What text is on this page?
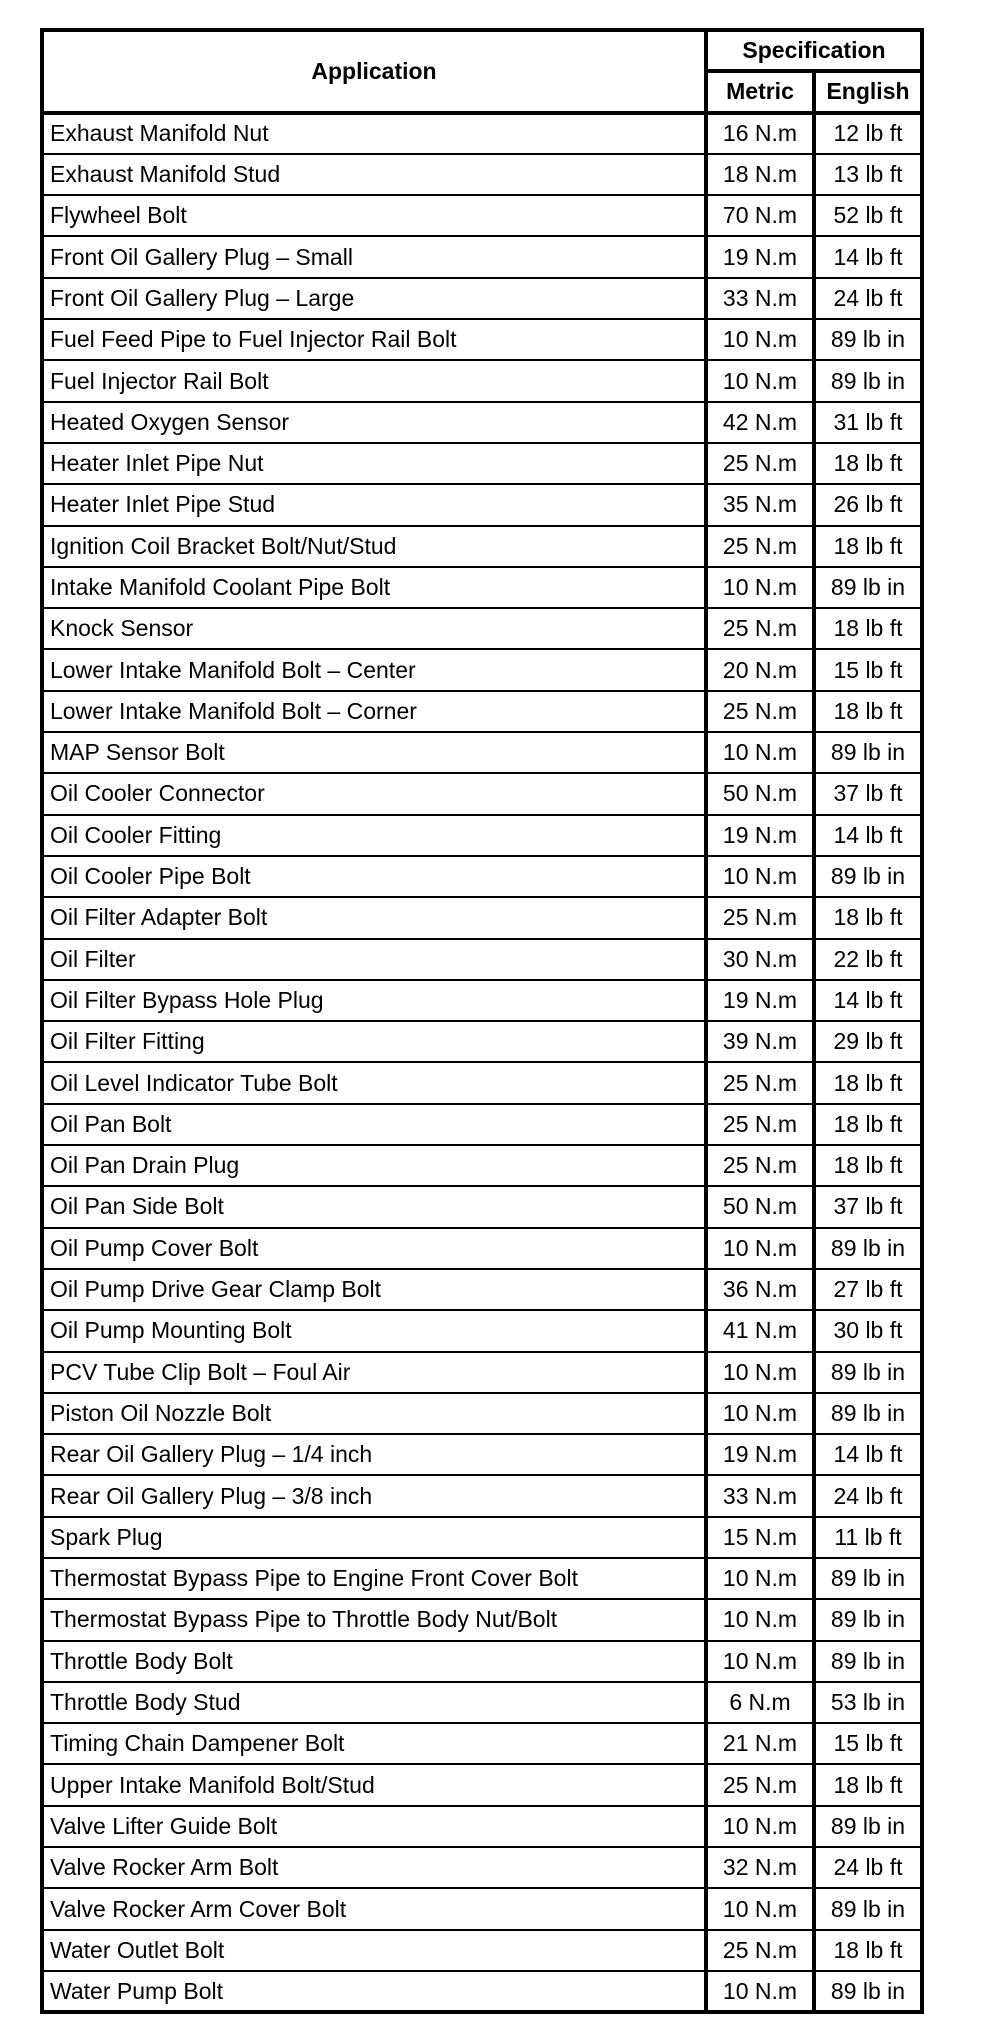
Application	Specification	
	Metric	English
Exhaust Manifold Nut	16 N.m	12 lb ft
Exhaust Manifold Stud	18 N.m	13 lb ft
Flywheel Bolt	70 N.m	52 lb ft
Front Oil Gallery Plug – Small	19 N.m	14 lb ft
Front Oil Gallery Plug – Large	33 N.m	24 lb ft
Fuel Feed Pipe to Fuel Injector Rail Bolt	10 N.m	89 lb in
Fuel Injector Rail Bolt	10 N.m	89 lb in
Heated Oxygen Sensor	42 N.m	31 lb ft
Heater Inlet Pipe Nut	25 N.m	18 lb ft
Heater Inlet Pipe Stud	35 N.m	26 lb ft
Ignition Coil Bracket Bolt/Nut/Stud	25 N.m	18 lb ft
Intake Manifold Coolant Pipe Bolt	10 N.m	89 lb in
Knock Sensor	25 N.m	18 lb ft
Lower Intake Manifold Bolt – Center	20 N.m	15 lb ft
Lower Intake Manifold Bolt – Corner	25 N.m	18 lb ft
MAP Sensor Bolt	10 N.m	89 lb in
Oil Cooler Connector	50 N.m	37 lb ft
Oil Cooler Fitting	19 N.m	14 lb ft
Oil Cooler Pipe Bolt	10 N.m	89 lb in
Oil Filter Adapter Bolt	25 N.m	18 lb ft
Oil Filter	30 N.m	22 lb ft
Oil Filter Bypass Hole Plug	19 N.m	14 lb ft
Oil Filter Fitting	39 N.m	29 lb ft
Oil Level Indicator Tube Bolt	25 N.m	18 lb ft
Oil Pan Bolt	25 N.m	18 lb ft
Oil Pan Drain Plug	25 N.m	18 lb ft
Oil Pan Side Bolt	50 N.m	37 lb ft
Oil Pump Cover Bolt	10 N.m	89 lb in
Oil Pump Drive Gear Clamp Bolt	36 N.m	27 lb ft
Oil Pump Mounting Bolt	41 N.m	30 lb ft
PCV Tube Clip Bolt – Foul Air	10 N.m	89 lb in
Piston Oil Nozzle Bolt	10 N.m	89 lb in
Rear Oil Gallery Plug – 1/4 inch	19 N.m	14 lb ft
Rear Oil Gallery Plug – 3/8 inch	33 N.m	24 lb ft
Spark Plug	15 N.m	11 lb ft
Thermostat Bypass Pipe to Engine Front Cover Bolt	10 N.m	89 lb in
Thermostat Bypass Pipe to Throttle Body Nut/Bolt	10 N.m	89 lb in
Throttle Body Bolt	10 N.m	89 lb in
Throttle Body Stud	6 N.m	53 lb in
Timing Chain Dampener Bolt	21 N.m	15 lb ft
Upper Intake Manifold Bolt/Stud	25 N.m	18 lb ft
Valve Lifter Guide Bolt	10 N.m	89 lb in
Valve Rocker Arm Bolt	32 N.m	24 lb ft
Valve Rocker Arm Cover Bolt	10 N.m	89 lb in
Water Outlet Bolt	25 N.m	18 lb ft
Water Pump Bolt	10 N.m	89 lb in
